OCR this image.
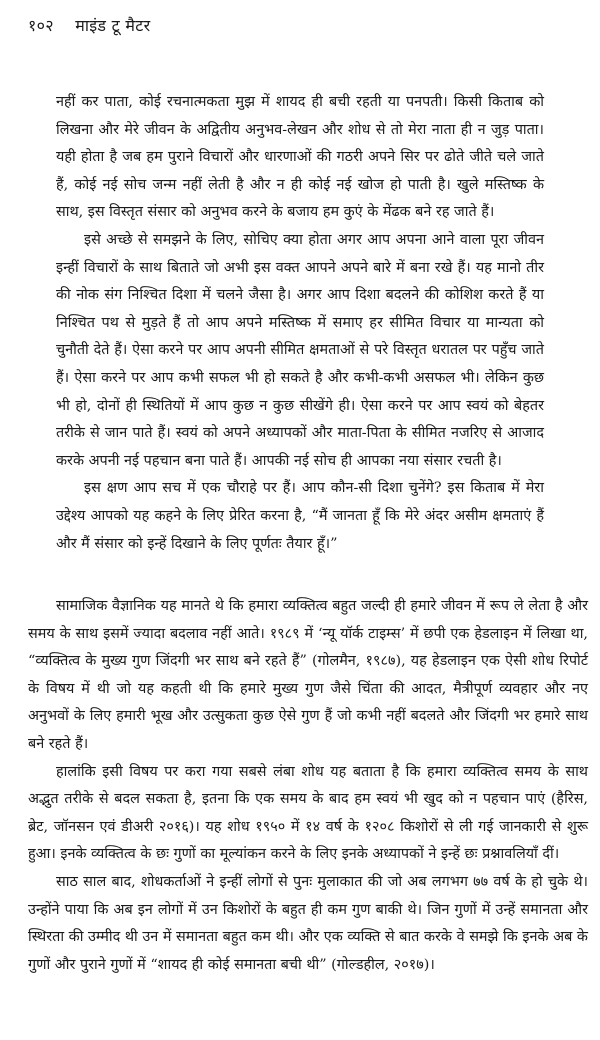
१०२ माइंड टू मैटर

नहीं कर पाता, कोई रचनात्मकता मुझ में शायद ही बची रहती या पनपती। किसी किताब को लिखना और मेरे जीवन के अद्वितीय अनुभव-लेखन और शोध से तो मेरा नाता ही न जुड़ पाता। यही होता है जब हम पुराने विचारों और धारणाओं की गठरी अपने सिर पर ढोते जीते चले जाते हैं, कोई नई सोच जन्म नहीं लेती है और न ही कोई नई खोज हो पाती है। खुले मस्तिष्क के साथ, इस विस्तृत संसार को अनुभव करने के बजाय हम कुएं के मेंढक बने रह जाते हैं।

इसे अच्छे से समझने के लिए, सोचिए क्या होता अगर आप अपना आने वाला पूरा जीवन इन्हीं विचारों के साथ बिताते जो अभी इस वक्त आपने अपने बारे में बना रखे हैं। यह मानो तीर की नोक संग निश्चित दिशा में चलने जैसा है। अगर आप दिशा बदलने की कोशिश करते हैं या निश्चित पथ से मुड़ते हैं तो आप अपने मस्तिष्क में समाए हर सीमित विचार या मान्यता को चुनौती देते हैं। ऐसा करने पर आप अपनी सीमित क्षमताओं से परे विस्तृत धरातल पर पहुँच जाते हैं। ऐसा करने पर आप कभी सफल भी हो सकते है और कभी-कभी असफल भी। लेकिन कुछ भी हो, दोनों ही स्थितियों में आप कुछ न कुछ सीखेंगे ही। ऐसा करने पर आप स्वयं को बेहतर तरीके से जान पाते हैं। स्वयं को अपने अध्यापकों और माता-पिता के सीमित नजरिए से आजाद करके अपनी नई पहचान बना पाते हैं। आपकी नई सोच ही आपका नया संसार रचती है।

इस क्षण आप सच में एक चौराहे पर हैं। आप कौन-सी दिशा चुनेंगे? इस किताब में मेरा उद्देश्य आपको यह कहने के लिए प्रेरित करना है, “मैं जानता हूँ कि मेरे अंदर असीम क्षमताएं हैं और मैं संसार को इन्हें दिखाने के लिए पूर्णतः तैयार हूँ।”

सामाजिक वैज्ञानिक यह मानते थे कि हमारा व्यक्तित्व बहुत जल्दी ही हमारे जीवन में रूप ले लेता है और समय के साथ इसमें ज्यादा बदलाव नहीं आते। १९८९ में ‘न्यू यॉर्क टाइम्स’ में छपी एक हेडलाइन में लिखा था, “व्यक्तित्व के मुख्य गुण जिंदगी भर साथ बने रहते हैं” (गोलमैन, १९८७), यह हेडलाइन एक ऐसी शोध रिपोर्ट के विषय में थी जो यह कहती थी कि हमारे मुख्य गुण जैसे चिंता की आदत, मैत्रीपूर्ण व्यवहार और नए अनुभवों के लिए हमारी भूख और उत्सुकता कुछ ऐसे गुण हैं जो कभी नहीं बदलते और जिंदगी भर हमारे साथ बने रहते हैं।

हालांकि इसी विषय पर करा गया सबसे लंबा शोध यह बताता है कि हमारा व्यक्तित्व समय के साथ अद्भुत तरीके से बदल सकता है, इतना कि एक समय के बाद हम स्वयं भी खुद को न पहचान पाएं (हैरिस, ब्रेट, जॉनसन एवं डीअरी २०१६)। यह शोध १९५० में १४ वर्ष के १२०८ किशोरों से ली गई जानकारी से शुरू हुआ। इनके व्यक्तित्व के छः गुणों का मूल्यांकन करने के लिए इनके अध्यापकों ने इन्हें छः प्रश्नावलियाँ दीं।

साठ साल बाद, शोधकर्ताओं ने इन्हीं लोगों से पुनः मुलाकात की जो अब लगभग ७७ वर्ष के हो चुके थे। उन्होंने पाया कि अब इन लोगों में उन किशोरों के बहुत ही कम गुण बाकी थे। जिन गुणों में उन्हें समानता और स्थिरता की उम्मीद थी उन में समानता बहुत कम थी। और एक व्यक्ति से बात करके वे समझे कि इनके अब के गुणों और पुराने गुणों में “शायद ही कोई समानता बची थी” (गोल्डहील, २०१७)।
